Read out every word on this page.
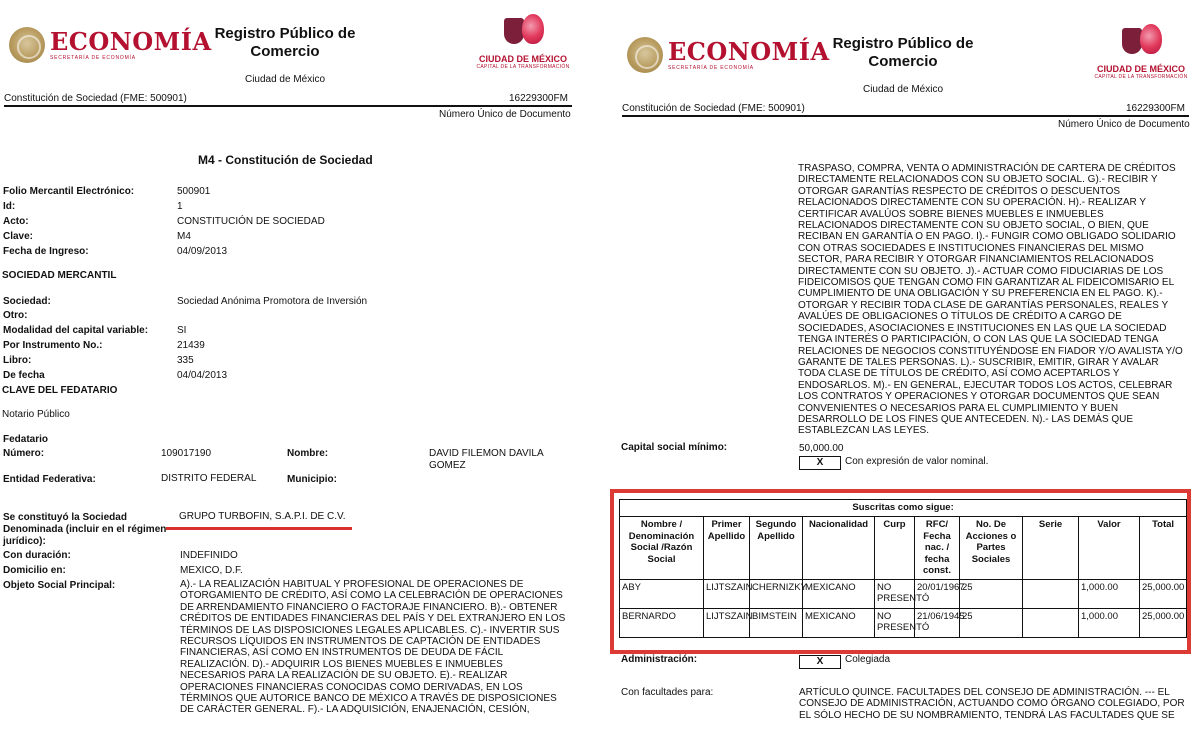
ECONOMÍA
SECRETARÍA DE ECONOMÍA
Registro Público de
Comercio
Ciudad de México
CIUDAD DE MÉXICO
CAPITAL DE LA TRANSFORMACIÓN
Constitución de Sociedad (FME: 500901)	16229300FM
Número Único de Documento
M4 - Constitución de Sociedad
Folio Mercantil Electrónico:	500901
Id:	1
Acto:	CONSTITUCIÓN DE SOCIEDAD
Clave:	M4
Fecha de Ingreso:	04/09/2013
SOCIEDAD MERCANTIL
Sociedad:	Sociedad Anónima Promotora de Inversión
Otro:
Modalidad del capital variable:	SI
Por Instrumento No.:	21439
Libro:	335
De fecha	04/04/2013
CLAVE DEL FEDATARIO
Notario Público
Fedatario
Número:	109017190	Nombre:	DAVID FILEMON DAVILA
GOMEZ
Entidad Federativa:	DISTRITO FEDERAL	Municipio:
Se constituyó la Sociedad
Denominada (incluir en el régimen
jurídico):
GRUPO TURBOFIN, S.A.P.I. DE C.V.
Con duración:	INDEFINIDO
Domicilio en:	MEXICO, D.F.
Objeto Social Principal:	A).- LA REALIZACIÓN HABITUAL Y PROFESIONAL DE OPERACIONES DE
OTORGAMIENTO DE CRÉDITO, ASÍ COMO LA CELEBRACIÓN DE OPERACIONES
DE ARRENDAMIENTO FINANCIERO O FACTORAJE FINANCIERO. B).- OBTENER
CRÉDITOS DE ENTIDADES FINANCIERAS DEL PAÍS Y DEL EXTRANJERO EN LOS
TÉRMINOS DE LAS DISPOSICIONES LEGALES APLICABLES. C).- INVERTIR SUS
RECURSOS LÍQUIDOS EN INSTRUMENTOS DE CAPTACIÓN DE ENTIDADES
FINANCIERAS, ASÍ COMO EN INSTRUMENTOS DE DEUDA DE FÁCIL
REALIZACIÓN. D).- ADQUIRIR LOS BIENES MUEBLES E INMUEBLES
NECESARIOS PARA LA REALIZACIÓN DE SU OBJETO. E).- REALIZAR
OPERACIONES FINANCIERAS CONOCIDAS COMO DERIVADAS, EN LOS
TÉRMINOS QUE AUTORICE BANCO DE MÉXICO A TRAVÉS DE DISPOSICIONES
DE CARÁCTER GENERAL. F).- LA ADQUISICIÓN, ENAJENACIÓN, CESIÓN,
ECONOMÍA
SECRETARÍA DE ECONOMÍA
Registro Público de
Comercio
Ciudad de México
CIUDAD DE MÉXICO
CAPITAL DE LA TRANSFORMACIÓN
Constitución de Sociedad (FME: 500901)	16229300FM
Número Único de Documento
TRASPASO, COMPRA, VENTA O ADMINISTRACIÓN DE CARTERA DE CRÉDITOS
DIRECTAMENTE RELACIONADOS CON SU OBJETO SOCIAL. G).- RECIBIR Y
OTORGAR GARANTÍAS RESPECTO DE CRÉDITOS O DESCUENTOS
RELACIONADOS DIRECTAMENTE CON SU OPERACIÓN. H).- REALIZAR Y
CERTIFICAR AVALÚOS SOBRE BIENES MUEBLES E INMUEBLES
RELACIONADOS DIRECTAMENTE CON SU OBJETO SOCIAL, O BIEN, QUE
RECIBAN EN GARANTÍA O EN PAGO. I).- FUNGIR COMO OBLIGADO SOLIDARIO
CON OTRAS SOCIEDADES E INSTITUCIONES FINANCIERAS DEL MISMO
SECTOR, PARA RECIBIR Y OTORGAR FINANCIAMIENTOS RELACIONADOS
DIRECTAMENTE CON SU OBJETO. J).- ACTUAR COMO FIDUCIARIAS DE LOS
FIDEICOMISOS QUE TENGAN COMO FIN GARANTIZAR AL FIDEICOMISARIO EL
CUMPLIMIENTO DE UNA OBLIGACIÓN Y SU PREFERENCIA EN EL PAGO. K).-
OTORGAR Y RECIBIR TODA CLASE DE GARANTÍAS PERSONALES, REALES Y
AVALÚES DE OBLIGACIONES O TÍTULOS DE CRÉDITO A CARGO DE
SOCIEDADES, ASOCIACIONES E INSTITUCIONES EN LAS QUE LA SOCIEDAD
TENGA INTERÉS O PARTICIPACIÓN, O CON LAS QUE LA SOCIEDAD TENGA
RELACIONES DE NEGOCIOS CONSTITUYÉNDOSE EN FIADOR Y/O AVALISTA Y/O
GARANTE DE TALES PERSONAS. L).- SUSCRIBIR, EMITIR, GIRAR Y AVALAR
TODA CLASE DE TÍTULOS DE CRÉDITO, ASÍ COMO ACEPTARLOS Y
ENDOSARLOS. M).- EN GENERAL, EJECUTAR TODOS LOS ACTOS, CELEBRAR
LOS CONTRATOS Y OPERACIONES Y OTORGAR DOCUMENTOS QUE SEAN
CONVENIENTES O NECESARIOS PARA EL CUMPLIMIENTO Y BUEN
DESARROLLO DE LOS FINES QUE ANTECEDEN. N).- LAS DEMÁS QUE
ESTABLEZCAN LAS LEYES.
Capital social mínimo:	50,000.00
X	Con expresión de valor nominal.
Suscritas como sigue:									
Nombre / Denominación Social /Razón Social	Primer Apellido	Segundo Apellido	Nacionalidad	Curp	RFC/ Fecha nac. / fecha const.	No. De Acciones o Partes Sociales	Serie	Valor	Total
ABY	LIJTSZAIN	CHERNIZKY	MEXICANO	NO PRESENTÓ	20/01/1967	25		1,000.00	25,000.00
BERNARDO	LIJTSZAIN	BIMSTEIN	MEXICANO	NO PRESENTÓ	21/06/1945	25		1,000.00	25,000.00
Administración:	X	Colegiada
Con facultades para:	ARTÍCULO QUINCE. FACULTADES DEL CONSEJO DE ADMINISTRACIÓN. --- EL
CONSEJO DE ADMINISTRACIÓN, ACTUANDO COMO ÓRGANO COLEGIADO, POR
EL SÓLO HECHO DE SU NOMBRAMIENTO, TENDRÁ LAS FACULTADES QUE SE
